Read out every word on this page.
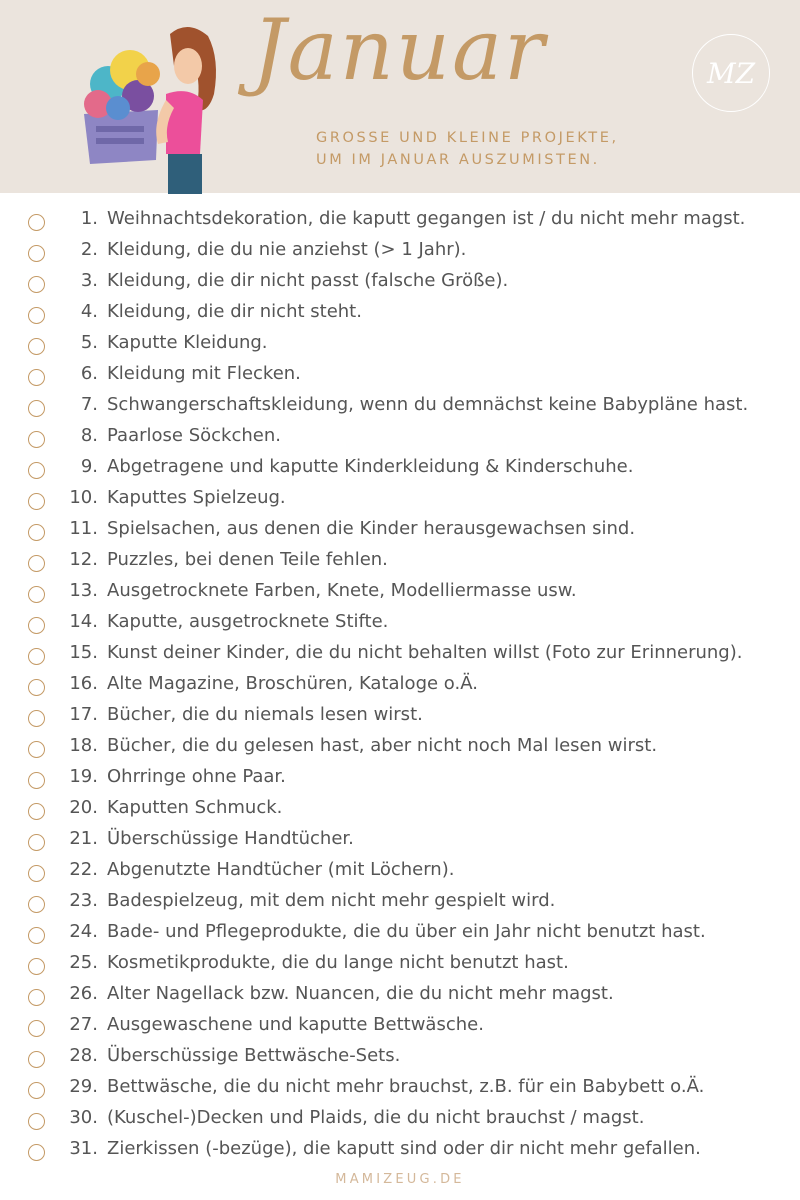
Januar
GROSSE UND KLEINE PROJEKTE,
UM IM JANUAR AUSZUMISTEN.
MZ
1. Weihnachtsdekoration, die kaputt gegangen ist / du nicht mehr magst.
2. Kleidung, die du nie anziehst (> 1 Jahr).
3. Kleidung, die dir nicht passt (falsche Größe).
4. Kleidung, die dir nicht steht.
5. Kaputte Kleidung.
6. Kleidung mit Flecken.
7. Schwangerschaftskleidung, wenn du demnächst keine Babypläne hast.
8. Paarlose Söckchen.
9. Abgetragene und kaputte Kinderkleidung & Kinderschuhe.
10. Kaputtes Spielzeug.
11. Spielsachen, aus denen die Kinder herausgewachsen sind.
12. Puzzles, bei denen Teile fehlen.
13. Ausgetrocknete Farben, Knete, Modelliermasse usw.
14. Kaputte, ausgetrocknete Stifte.
15. Kunst deiner Kinder, die du nicht behalten willst (Foto zur Erinnerung).
16. Alte Magazine, Broschüren, Kataloge o.Ä.
17. Bücher, die du niemals lesen wirst.
18. Bücher, die du gelesen hast, aber nicht noch Mal lesen wirst.
19. Ohrringe ohne Paar.
20. Kaputten Schmuck.
21. Überschüssige Handtücher.
22. Abgenutzte Handtücher (mit Löchern).
23. Badespielzeug, mit dem nicht mehr gespielt wird.
24. Bade- und Pflegeprodukte, die du über ein Jahr nicht benutzt hast.
25. Kosmetikprodukte, die du lange nicht benutzt hast.
26. Alter Nagellack bzw. Nuancen, die du nicht mehr magst.
27. Ausgewaschene und kaputte Bettwäsche.
28. Überschüssige Bettwäsche-Sets.
29. Bettwäsche, die du nicht mehr brauchst, z.B. für ein Babybett o.Ä.
30. (Kuschel-)Decken und Plaids, die du nicht brauchst / magst.
31. Zierkissen (-bezüge), die kaputt sind oder dir nicht mehr gefallen.
MAMIZEUG.DE
